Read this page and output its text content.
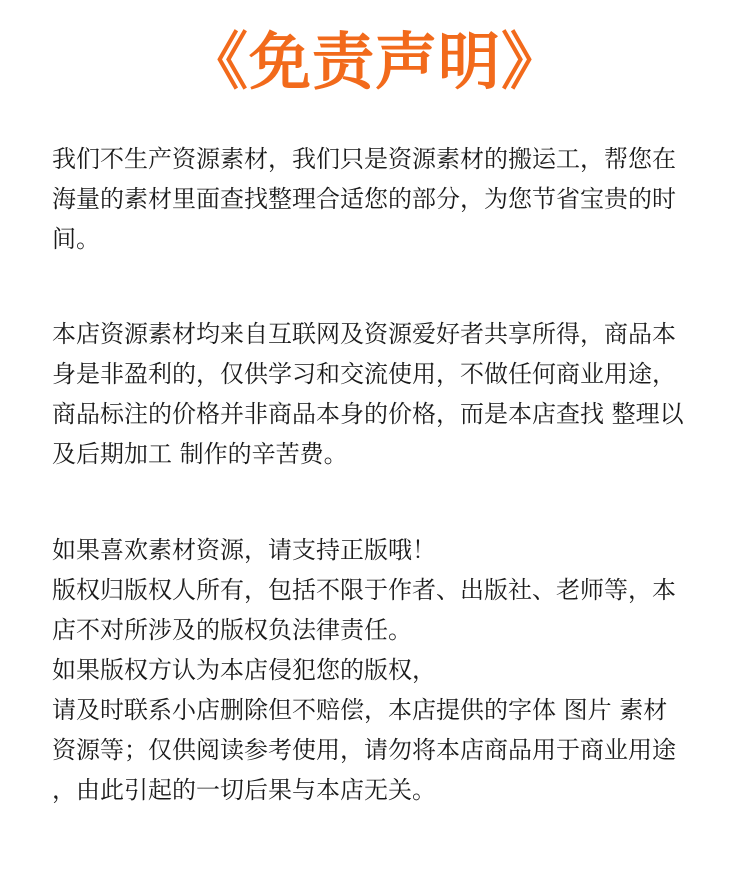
《免责声明》
我们不生产资源素材，我们只是资源素材的搬运工，帮您在
海量的素材里面查找整理合适您的部分，为您节省宝贵的时
间。
本店资源素材均来自互联网及资源爱好者共享所得，商品本
身是非盈利的，仅供学习和交流使用，不做任何商业用途，
商品标注的价格并非商品本身的价格，而是本店查找 整理以
及后期加工 制作的辛苦费。
如果喜欢素材资源，请支持正版哦！
版权归版权人所有，包括不限于作者、出版社、老师等，本
店不对所涉及的版权负法律责任。
如果版权方认为本店侵犯您的版权，
请及时联系小店删除但不赔偿，本店提供的字体 图片 素材
资源等；仅供阅读参考使用，请勿将本店商品用于商业用途
，由此引起的一切后果与本店无关。
